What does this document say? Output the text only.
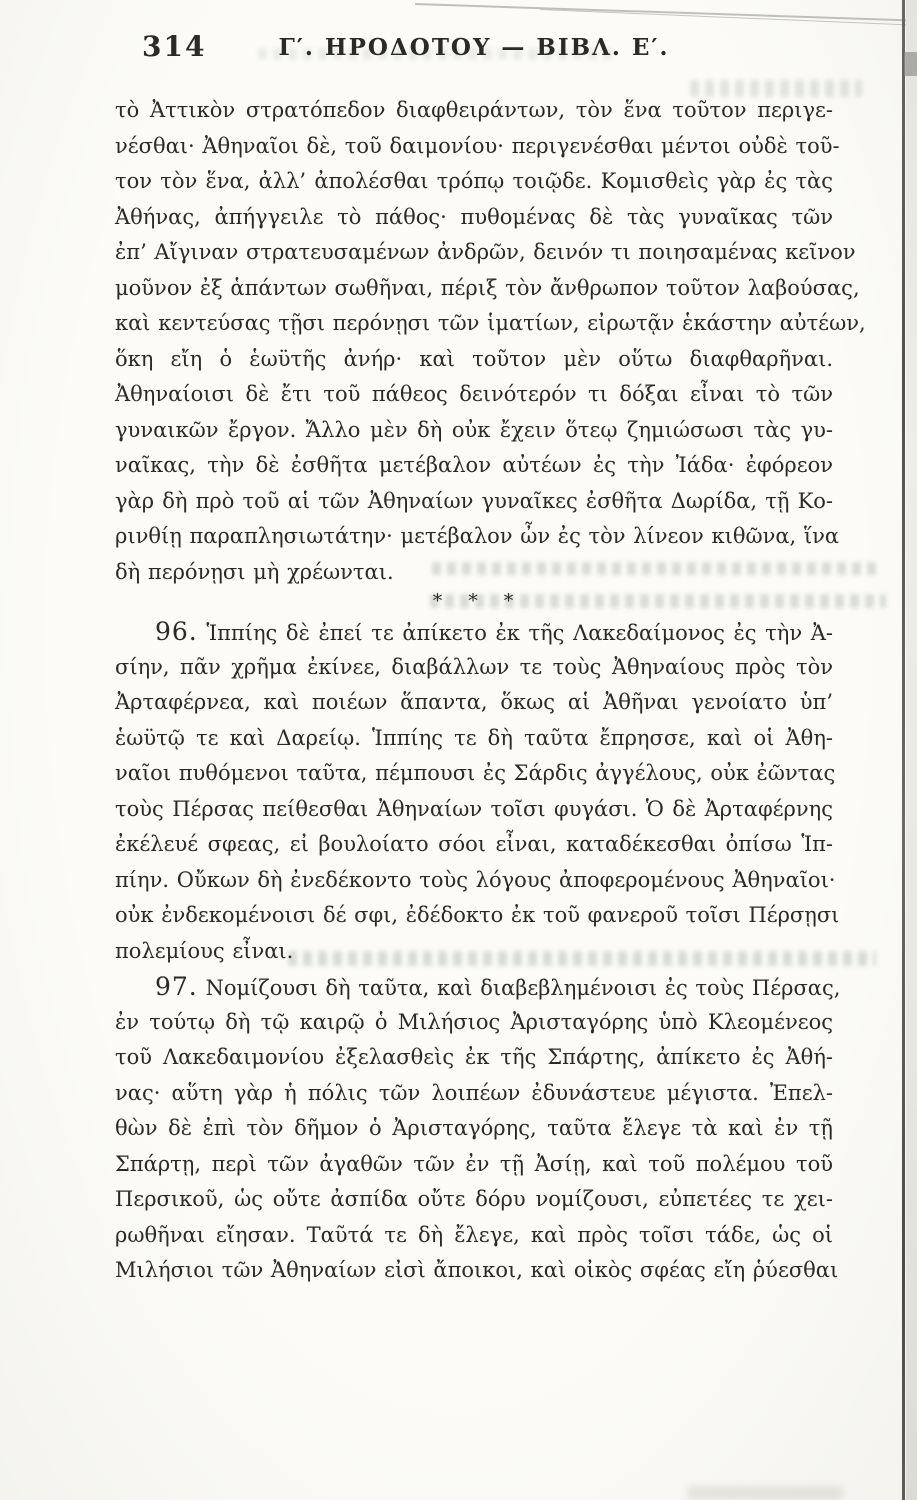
314	Γ′. ΗΡΟΔΟΤΟΥ — ΒΙΒΛ. Ε′.
τὸ Ἀττικὸν στρατόπεδον διαφθειράντων, τὸν ἕνα τοῦτον περιγε-
νέσθαι· Ἀθηναῖοι δὲ, τοῦ δαιμονίου· περιγενέσθαι μέντοι οὐδὲ τοῦ-
τον τὸν ἕνα, ἀλλ’ ἀπολέσθαι τρόπῳ τοιῷδε. Κομισθεὶς γὰρ ἐς τὰς
Ἀθήνας, ἀπήγγειλε τὸ πάθος· πυθομένας δὲ τὰς γυναῖκας τῶν
ἐπ’ Αἴγιναν στρατευσαμένων ἀνδρῶν, δεινόν τι ποιησαμένας κεῖνον
μοῦνον ἐξ ἁπάντων σωθῆναι, πέριξ τὸν ἄνθρωπον τοῦτον λαβούσας,
καὶ κεντεύσας τῇσι περόνῃσι τῶν ἱματίων, εἰρωτᾷν ἑκάστην αὐτέων,
ὅκη εἴη ὁ ἑωϋτῆς ἀνήρ· καὶ τοῦτον μὲν οὕτω διαφθαρῆναι.
Ἀθηναίοισι δὲ ἔτι τοῦ πάθεος δεινότερόν τι δόξαι εἶναι τὸ τῶν
γυναικῶν ἔργον. Ἄλλο μὲν δὴ οὐκ ἔχειν ὅτεῳ ζημιώσωσι τὰς γυ-
ναῖκας, τὴν δὲ ἐσθῆτα μετέβαλον αὐτέων ἐς τὴν Ἰάδα· ἐφόρεον
γὰρ δὴ πρὸ τοῦ αἱ τῶν Ἀθηναίων γυναῖκες ἐσθῆτα Δωρίδα, τῇ Κο-
ρινθίῃ παραπλησιωτάτην· μετέβαλον ὦν ἐς τὸν λίνεον κιθῶνα, ἵνα
δὴ περόνῃσι μὴ χρέωνται.
* * *
96. Ἱππίης δὲ ἐπεί τε ἀπίκετο ἐκ τῆς Λακεδαίμονος ἐς τὴν Ἀ-
σίην, πᾶν χρῆμα ἐκίνεε, διαβάλλων τε τοὺς Ἀθηναίους πρὸς τὸν
Ἀρταφέρνεα, καὶ ποιέων ἅπαντα, ὅκως αἱ Ἀθῆναι γενοίατο ὑπ’
ἑωϋτῷ τε καὶ Δαρείῳ. Ἱππίης τε δὴ ταῦτα ἔπρησσε, καὶ οἱ Ἀθη-
ναῖοι πυθόμενοι ταῦτα, πέμπουσι ἐς Σάρδις ἀγγέλους, οὐκ ἐῶντας
τοὺς Πέρσας πείθεσθαι Ἀθηναίων τοῖσι φυγάσι. Ὁ δὲ Ἀρταφέρνης
ἐκέλευέ σφεας, εἰ βουλοίατο σόοι εἶναι, καταδέκεσθαι ὀπίσω Ἱπ-
πίην. Οὔκων δὴ ἐνεδέκοντο τοὺς λόγους ἀποφερομένους Ἀθηναῖοι·
οὐκ ἐνδεκομένοισι δέ σφι, ἐδέδοκτο ἐκ τοῦ φανεροῦ τοῖσι Πέρσῃσι
πολεμίους εἶναι.
97. Νομίζουσι δὴ ταῦτα, καὶ διαβεβλημένοισι ἐς τοὺς Πέρσας,
ἐν τούτῳ δὴ τῷ καιρῷ ὁ Μιλήσιος Ἀρισταγόρης ὑπὸ Κλεομένεος
τοῦ Λακεδαιμονίου ἐξελασθεὶς ἐκ τῆς Σπάρτης, ἀπίκετο ἐς Ἀθή-
νας· αὕτη γὰρ ἡ πόλις τῶν λοιπέων ἐδυνάστευε μέγιστα. Ἐπελ-
θὼν δὲ ἐπὶ τὸν δῆμον ὁ Ἀρισταγόρης, ταῦτα ἔλεγε τὰ καὶ ἐν τῇ
Σπάρτῃ, περὶ τῶν ἀγαθῶν τῶν ἐν τῇ Ἀσίῃ, καὶ τοῦ πολέμου τοῦ
Περσικοῦ, ὡς οὔτε ἀσπίδα οὔτε δόρυ νομίζουσι, εὐπετέες τε χει-
ρωθῆναι εἴησαν. Ταῦτά τε δὴ ἔλεγε, καὶ πρὸς τοῖσι τάδε, ὡς οἱ
Μιλήσιοι τῶν Ἀθηναίων εἰσὶ ἄποικοι, καὶ οἰκὸς σφέας εἴη ῥύεσθαι
